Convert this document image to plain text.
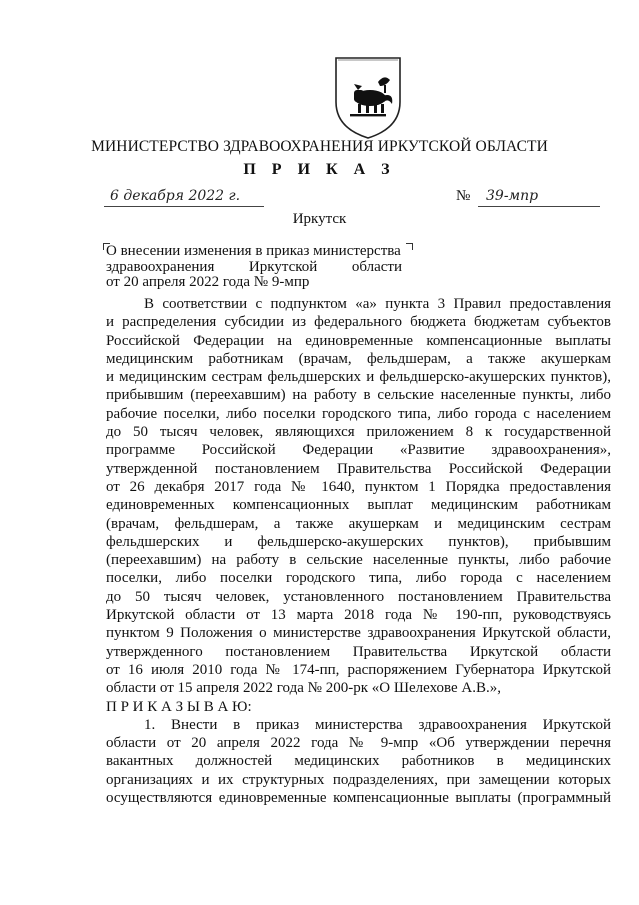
МИНИСТЕРСТВО ЗДРАВООХРАНЕНИЯ ИРКУТСКОЙ ОБЛАСТИ
П Р И К А З
6 декабря 2022 г.	№ 39-мпр
Иркутск
О внесении изменения в приказ министерства
здравоохранения Иркутской области
от 20 апреля 2022 года № 9-мпр
В соответствии с подпунктом «а» пункта 3 Правил предоставления
и распределения субсидии из федерального бюджета бюджетам субъектов
Российской Федерации на единовременные компенсационные выплаты
медицинским работникам (врачам, фельдшерам, а также акушеркам
и медицинским сестрам фельдшерских и фельдшерско-акушерских пунктов),
прибывшим (переехавшим) на работу в сельские населенные пункты, либо
рабочие поселки, либо поселки городского типа, либо города с населением
до 50 тысяч человек, являющихся приложением 8 к государственной
программе Российской Федерации «Развитие здравоохранения»,
утвержденной постановлением Правительства Российской Федерации
от 26 декабря 2017 года № 1640, пунктом 1 Порядка предоставления
единовременных компенсационных выплат медицинским работникам
(врачам, фельдшерам, а также акушеркам и медицинским сестрам
фельдшерских и фельдшерско-акушерских пунктов), прибывшим
(переехавшим) на работу в сельские населенные пункты, либо рабочие
поселки, либо поселки городского типа, либо города с населением
до 50 тысяч человек, установленного постановлением Правительства
Иркутской области от 13 марта 2018 года № 190-пп, руководствуясь
пунктом 9 Положения о министерстве здравоохранения Иркутской области,
утвержденного постановлением Правительства Иркутской области
от 16 июля 2010 года № 174-пп, распоряжением Губернатора Иркутской
области от 15 апреля 2022 года № 200-рк «О Шелехове А.В.»,
П Р И К А З Ы В А Ю:
1. Внести в приказ министерства здравоохранения Иркутской
области от 20 апреля 2022 года № 9-мпр «Об утверждении перечня
вакантных должностей медицинских работников в медицинских
организациях и их структурных подразделениях, при замещении которых
осуществляются единовременные компенсационные выплаты (программный
